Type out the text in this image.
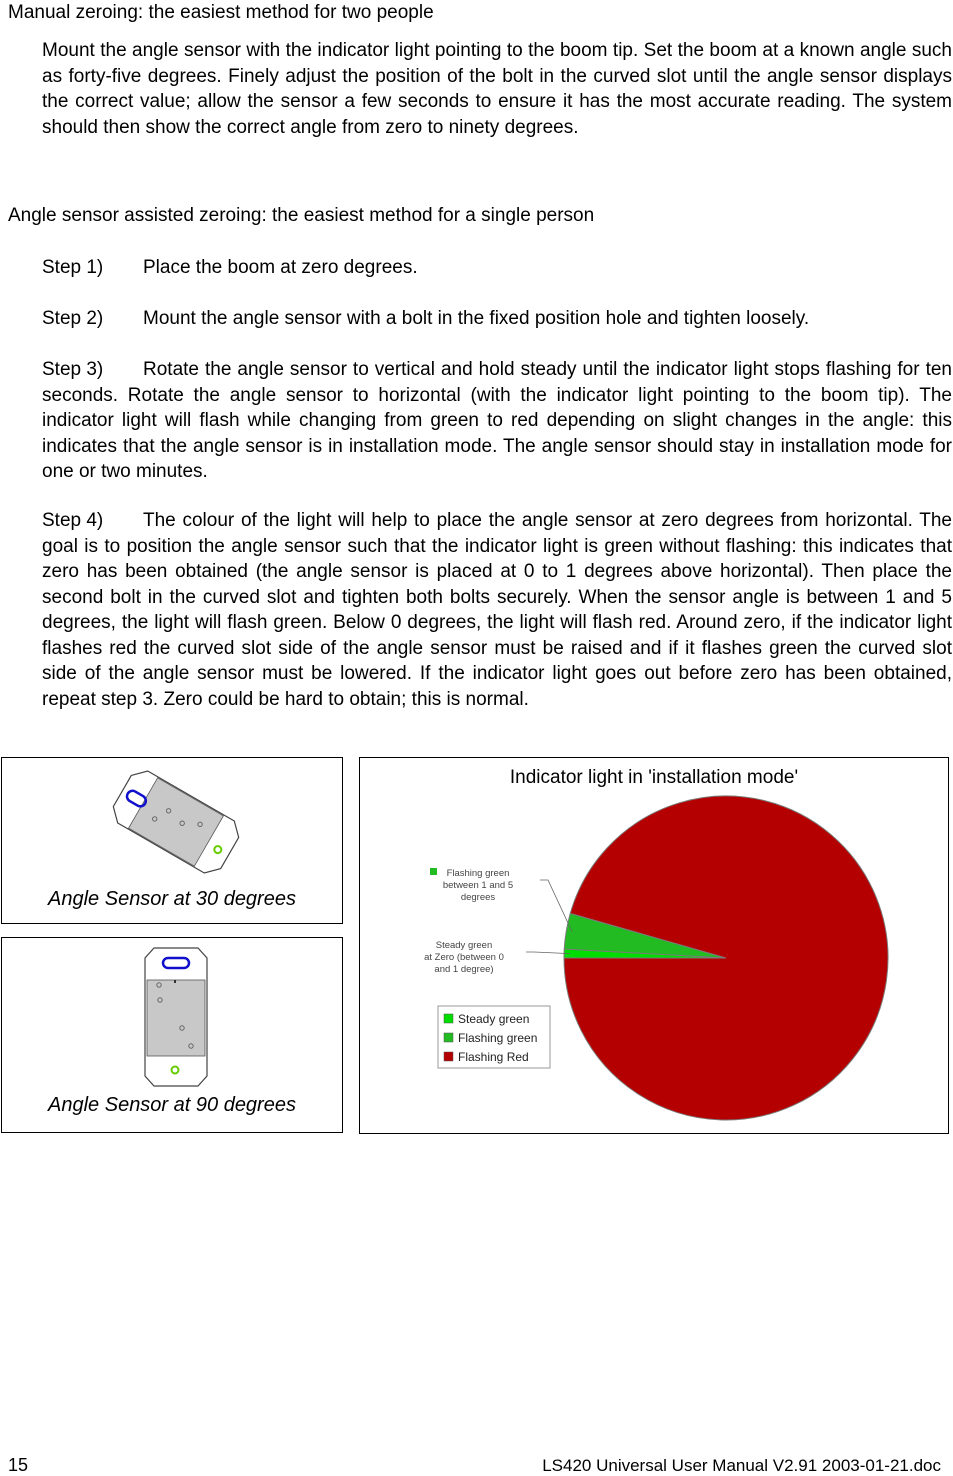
Manual zeroing: the easiest method for two people

Mount the angle sensor with the indicator light pointing to the boom tip. Set the boom at a known angle such as forty-five degrees. Finely adjust the position of the bolt in the curved slot until the angle sensor displays the correct value; allow the sensor a few seconds to ensure it has the most accurate reading. The system should then show the correct angle from zero to ninety degrees.

Angle sensor assisted zeroing: the easiest method for a single person

Step 1) Place the boom at zero degrees.

Step 2) Mount the angle sensor with a bolt in the fixed position hole and tighten loosely.

Step 3) Rotate the angle sensor to vertical and hold steady until the indicator light stops flashing for ten seconds. Rotate the angle sensor to horizontal (with the indicator light pointing to the boom tip). The indicator light will flash while changing from green to red depending on slight changes in the angle: this indicates that the angle sensor is in installation mode. The angle sensor should stay in installation mode for one or two minutes.

Step 4) The colour of the light will help to place the angle sensor at zero degrees from horizontal. The goal is to position the angle sensor such that the indicator light is green without flashing: this indicates that zero has been obtained (the angle sensor is placed at 0 to 1 degrees above horizontal). Then place the second bolt in the curved slot and tighten both bolts securely. When the sensor angle is between 1 and 5 degrees, the light will flash green. Below 0 degrees, the light will flash red. Around zero, if the indicator light flashes red the curved slot side of the angle sensor must be raised and if it flashes green the curved slot side of the angle sensor must be lowered. If the indicator light goes out before zero has been obtained, repeat step 3. Zero could be hard to obtain; this is normal.

Angle Sensor at 30 degrees
Angle Sensor at 90 degrees
Indicator light in 'installation mode'
Flashing green
between 1 and 5
degrees
Steady green
at Zero (between 0
and 1 degree)
Steady green
Flashing green
Flashing Red
15	LS420 Universal User Manual V2.91 2003-01-21.doc
